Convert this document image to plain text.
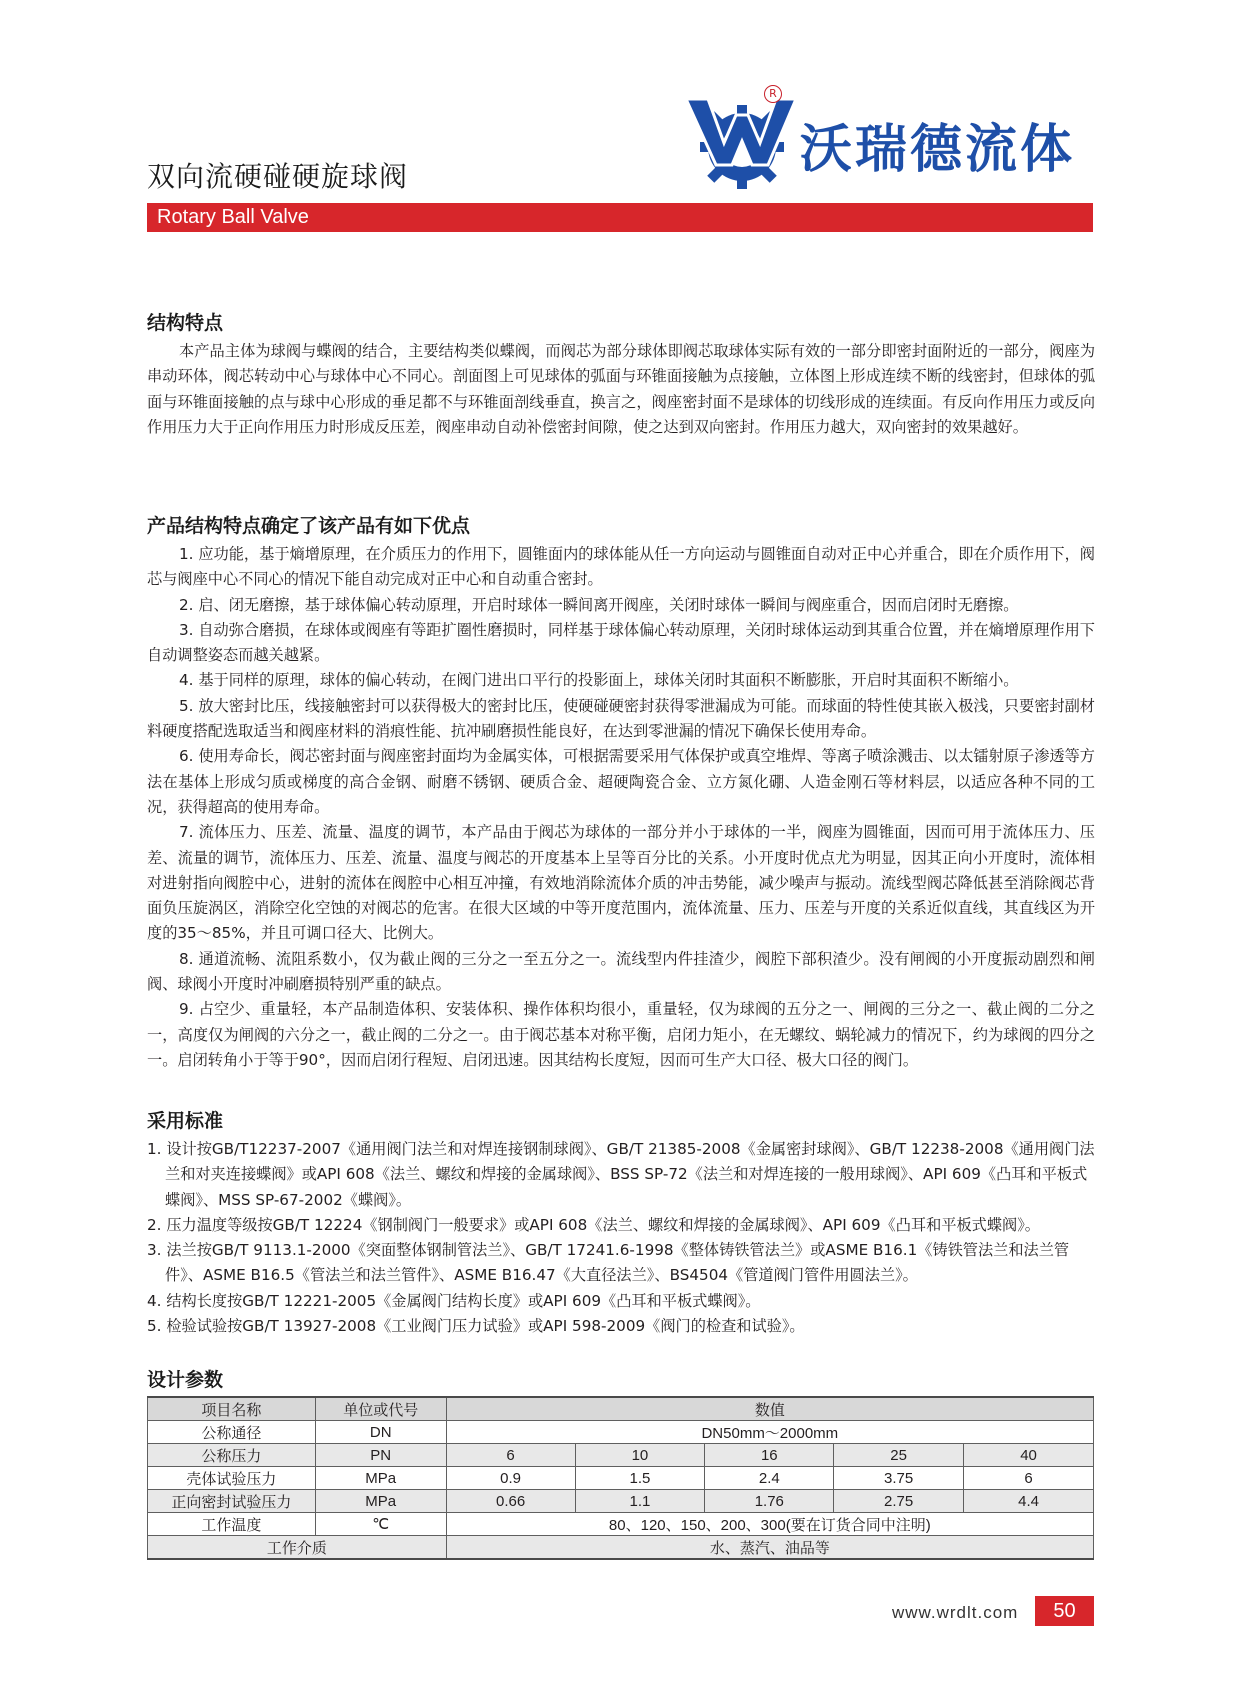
双向流硬碰硬旋球阀
R
沃瑞德流体
Rotary Ball Valve
结构特点

本产品主体为球阀与蝶阀的结合，主要结构类似蝶阀，而阀芯为部分球体即阀芯取球体实际有效的一部分即密封面附近的一部分，阀座为串动环体，阀芯转动中心与球体中心不同心。剖面图上可见球体的弧面与环锥面接触为点接触，立体图上形成连续不断的线密封，但球体的弧面与环锥面接触的点与球中心形成的垂足都不与环锥面剖线垂直，换言之，阀座密封面不是球体的切线形成的连续面。有反向作用压力或反向作用压力大于正向作用压力时形成反压差，阀座串动自动补偿密封间隙，使之达到双向密封。作用压力越大，双向密封的效果越好。

产品结构特点确定了该产品有如下优点

1. 应功能，基于熵增原理，在介质压力的作用下，圆锥面内的球体能从任一方向运动与圆锥面自动对正中心并重合，即在介质作用下，阀芯与阀座中心不同心的情况下能自动完成对正中心和自动重合密封。

2. 启、闭无磨擦，基于球体偏心转动原理，开启时球体一瞬间离开阀座，关闭时球体一瞬间与阀座重合，因而启闭时无磨擦。

3. 自动弥合磨损，在球体或阀座有等距扩圈性磨损时，同样基于球体偏心转动原理，关闭时球体运动到其重合位置，并在熵增原理作用下自动调整姿态而越关越紧。

4. 基于同样的原理，球体的偏心转动，在阀门进出口平行的投影面上，球体关闭时其面积不断膨胀，开启时其面积不断缩小。

5. 放大密封比压，线接触密封可以获得极大的密封比压，使硬碰硬密封获得零泄漏成为可能。而球面的特性使其嵌入极浅，只要密封副材料硬度搭配选取适当和阀座材料的消痕性能、抗冲刷磨损性能良好，在达到零泄漏的情况下确保长使用寿命。

6. 使用寿命长，阀芯密封面与阀座密封面均为金属实体，可根据需要采用气体保护或真空堆焊、等离子喷涂溅击、以太镭射原子渗透等方法在基体上形成匀质或梯度的高合金钢、耐磨不锈钢、硬质合金、超硬陶瓷合金、立方氮化硼、人造金刚石等材料层，以适应各种不同的工况，获得超高的使用寿命。

7. 流体压力、压差、流量、温度的调节，本产品由于阀芯为球体的一部分并小于球体的一半，阀座为圆锥面，因而可用于流体压力、压差、流量的调节，流体压力、压差、流量、温度与阀芯的开度基本上呈等百分比的关系。小开度时优点尤为明显，因其正向小开度时，流体相对进射指向阀腔中心，进射的流体在阀腔中心相互冲撞，有效地消除流体介质的冲击势能，减少噪声与振动。流线型阀芯降低甚至消除阀芯背面负压旋涡区，消除空化空蚀的对阀芯的危害。在很大区域的中等开度范围内，流体流量、压力、压差与开度的关系近似直线，其直线区为开度的35～85%，并且可调口径大、比例大。

8. 通道流畅、流阻系数小，仅为截止阀的三分之一至五分之一。流线型内件挂渣少，阀腔下部积渣少。没有闸阀的小开度振动剧烈和闸阀、球阀小开度时冲刷磨损特别严重的缺点。

9. 占空少、重量轻，本产品制造体积、安装体积、操作体积均很小，重量轻，仅为球阀的五分之一、闸阀的三分之一、截止阀的二分之一，高度仅为闸阀的六分之一，截止阀的二分之一。由于阀芯基本对称平衡，启闭力矩小，在无螺纹、蜗轮减力的情况下，约为球阀的四分之一。启闭转角小于等于90°，因而启闭行程短、启闭迅速。因其结构长度短，因而可生产大口径、极大口径的阀门。

采用标准
1. 设计按GB/T12237-2007《通用阀门法兰和对焊连接钢制球阀》、GB/T 21385-2008《金属密封球阀》、GB/T 12238-2008《通用阀门法兰和对夹连接蝶阀》或API 608《法兰、螺纹和焊接的金属球阀》、BSS SP-72《法兰和对焊连接的一般用球阀》、API 609《凸耳和平板式蝶阀》、MSS SP-67-2002《蝶阀》。
2. 压力温度等级按GB/T 12224《钢制阀门一般要求》或API 608《法兰、螺纹和焊接的金属球阀》、API 609《凸耳和平板式蝶阀》。
3. 法兰按GB/T 9113.1-2000《突面整体钢制管法兰》、GB/T 17241.6-1998《整体铸铁管法兰》或ASME B16.1《铸铁管法兰和法兰管件》、ASME B16.5《管法兰和法兰管件》、ASME B16.47《大直径法兰》、BS4504《管道阀门管件用圆法兰》。
4. 结构长度按GB/T 12221-2005《金属阀门结构长度》或API 609《凸耳和平板式蝶阀》。
5. 检验试验按GB/T 13927-2008《工业阀门压力试验》或API 598-2009《阀门的检查和试验》。
设计参数
项目名称	单位或代号	数值				
公称通径	DN	DN50mm～2000mm				
公称压力	PN	6	10	16	25	40
壳体试验压力	MPa	0.9	1.5	2.4	3.75	6
正向密封试验压力	MPa	0.66	1.1	1.76	2.75	4.4
工作温度	℃	80、120、150、200、300(要在订货合同中注明)				
工作介质		水、蒸汽、油品等				
www.wrdlt.com	50
